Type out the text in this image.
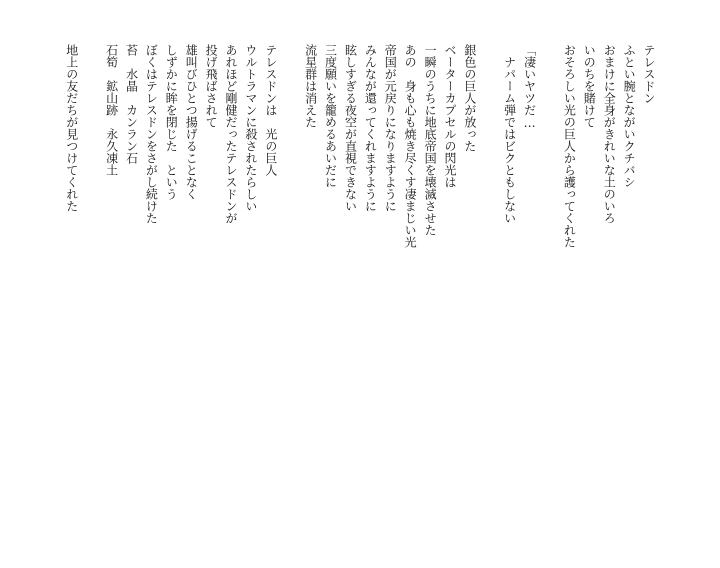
テレスドン
ふとい腕とながいクチバシ
おまけに全身がきれいな土のいろ
いのちを賭けて
おそろしい光の巨人から護ってくれた
「凄いヤツだ…
ナパーム弾ではビクともしない
銀色の巨人が放った
ベーターカプセルの閃光は
一瞬のうちに地底帝国を壊滅させた
あの　身も心も焼き尽くす凄まじい光
帝国が元戻りになりますように
みんなが還ってくれますように
眩しすぎる夜空が直視できない
三度願いを籠めるあいだに
流星群は消えた
テレスドンは　光の巨人
ウルトラマンに殺されたらしい
あれほど剛健だったテレスドンが
投げ飛ばされて
雄叫びひとつ揚げることなく
しずかに眸を閉じた　という
ぼくはテレスドンをさがし続けた
苔　水晶　カンラン石
石筍　鉱山跡　永久凍土
地上の友だちが見つけてくれた
